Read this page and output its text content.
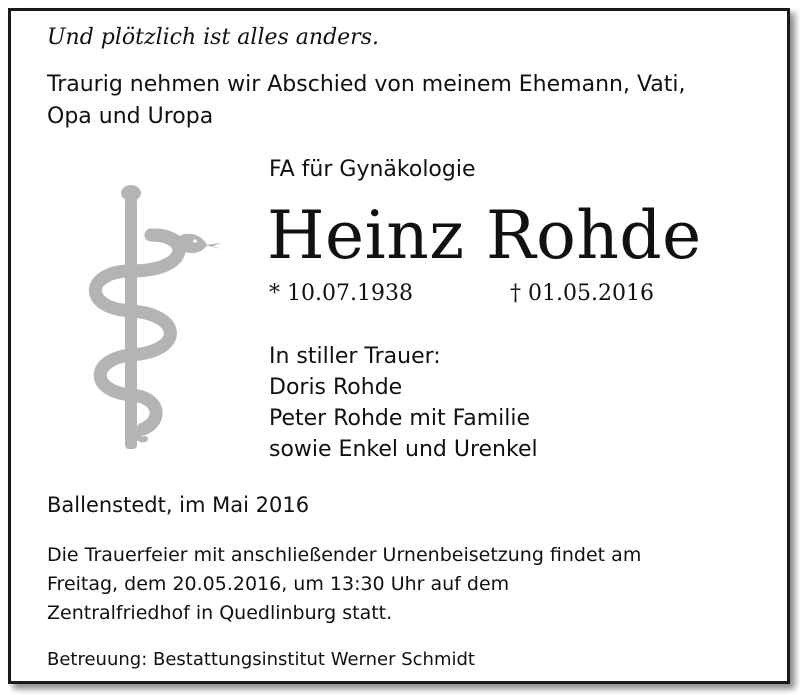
Und plötzlich ist alles anders.

Traurig nehmen wir Abschied von meinem Ehemann, Vati,
Opa und Uropa

FA für Gynäkologie

Heinz Rohde

* 10.07.1938	† 01.05.2016

In stiller Trauer:
Doris Rohde
Peter Rohde mit Familie
sowie Enkel und Urenkel

Ballenstedt, im Mai 2016

Die Trauerfeier mit anschließender Urnenbeisetzung findet am
Freitag, dem 20.05.2016, um 13:30 Uhr auf dem
Zentralfriedhof in Quedlinburg statt.

Betreuung: Bestattungsinstitut Werner Schmidt
